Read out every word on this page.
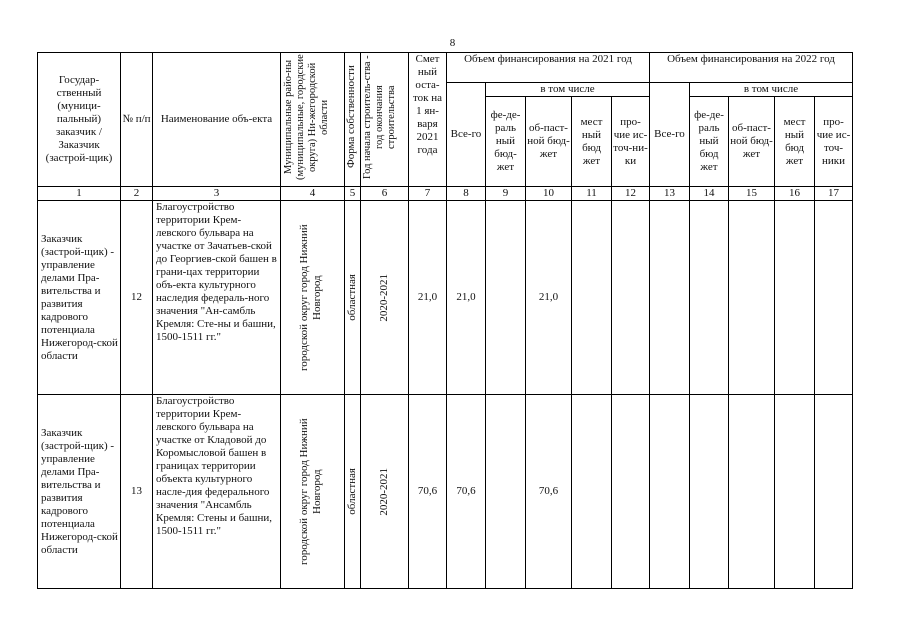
8
Государ-ственный (муници-пальный) заказчик / Заказчик (застрой-щик)	№ п/п	Наименование объ-екта	Муниципальные райо-ны (муниципальные, городские округа) Ни-жегородской области	Форма собственности	Год начала строитель-ства - год окончания строительства	Смет ный оста-ток на 1 ян-варя 2021 года	Объем финансирования на 2021 год					Объем финансирования на 2022 год				
							Все-го	в том числе				Все-го	в том числе			
								фе-де-раль ный бюд-жет	об-паст-ной бюд-жет	мест ный бюд жет	про-чие ис-точ-ни-ки		фе-де-раль ный бюд жет	об-паст-ной бюд-жет	мест ный бюд жет	про-чие ис-точ-ники
1	2	3	4	5	6	7	8	9	10	11	12	13	14	15	16	17
Заказчик (застрой-щик) - управление делами Пра-вительства и развития кадрового потенциала Нижегород-ской области	12	Благоустройство территории Крем-левского бульвара на участке от Зачатьев-ской до Георгиев-ской башен в грани-цах территории объ-екта культурного наследия федераль-ного значения "Ан-самбль Кремля: Сте-ны и башни, 1500-1511 гг."	городской округ город Нижний Новгород	областная	2020-2021	21,0	21,0		21,0							
Заказчик (застрой-щик) - управление делами Пра-вительства и развития кадрового потенциала Нижегород-ской области	13	Благоустройство территории Крем-левского бульвара на участке от Кладовой до Коромысловой башен в границах территории объекта культурного насле-дия федерального значения "Ансамбль Кремля: Стены и башни, 1500-1511 гг."	городской округ город Нижний Новгород	областная	2020-2021	70,6	70,6		70,6							
